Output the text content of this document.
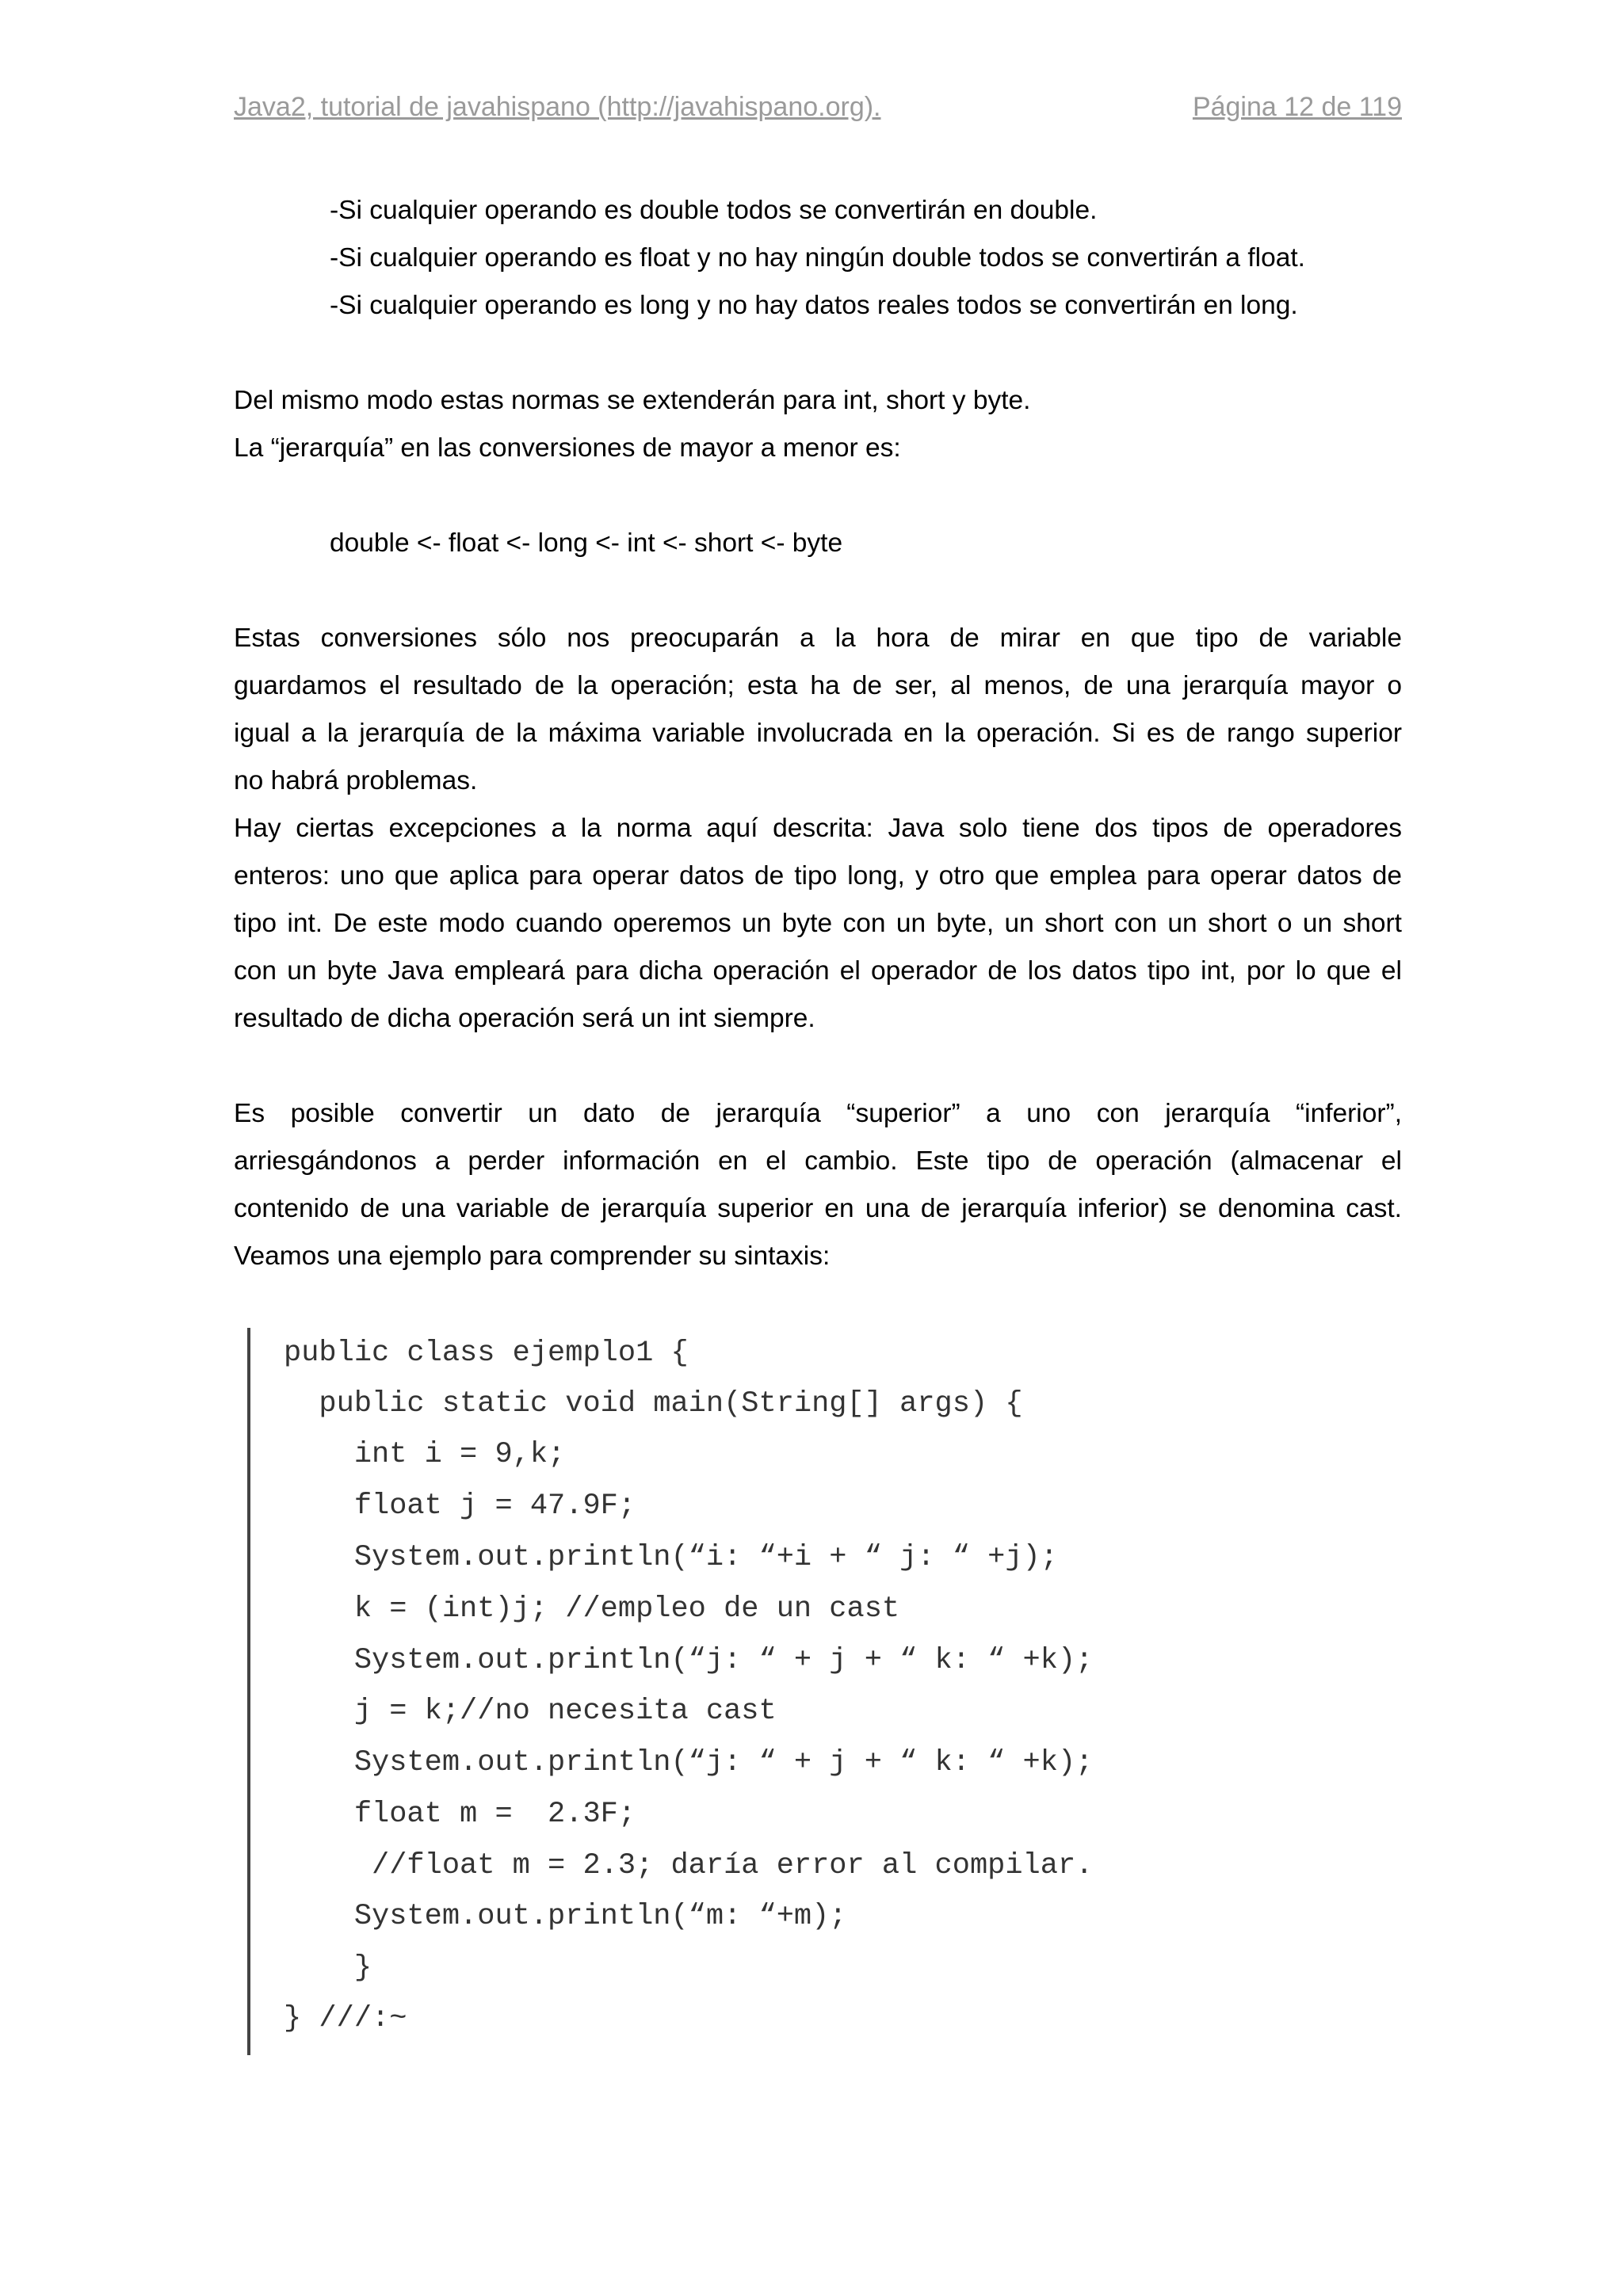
Java2, tutorial de javahispano (http://javahispano.org).	Página 12 de 119
-Si cualquier operando es double todos se convertirán en double.
-Si cualquier operando es float y no hay ningún double todos se convertirán a float.
-Si cualquier operando es long y no hay datos reales todos se convertirán en long.
Del mismo modo estas normas se extenderán para int, short y byte.
La “jerarquía” en las conversiones de mayor a menor es:
double <- float <- long <- int <- short <- byte
Estas conversiones sólo nos preocuparán a la hora de mirar en que tipo de variable
guardamos el resultado de la operación; esta ha de ser, al menos, de una jerarquía mayor o
igual a la jerarquía de la máxima variable involucrada en la operación. Si es de rango superior
no habrá problemas.
Hay ciertas excepciones a la norma aquí descrita: Java solo tiene dos tipos de operadores
enteros: uno que aplica para operar datos de tipo long, y otro que emplea para operar datos de
tipo int. De este modo cuando operemos un byte con un byte, un short con un short o un short
con un byte Java empleará para dicha operación el operador de los datos tipo int, por lo que el
resultado de dicha operación será un int siempre.
Es posible convertir un dato de jerarquía “superior” a uno con jerarquía “inferior”,
arriesgándonos a perder información en el cambio. Este tipo de operación (almacenar el
contenido de una variable de jerarquía superior en una de jerarquía inferior) se denomina cast.
Veamos una ejemplo para comprender su sintaxis:
public class ejemplo1 {
public static void main(String[] args) {
int i = 9,k;
float j = 47.9F;
System.out.println(“i: “+i + “ j: “ +j);
k = (int)j; //empleo de un cast
System.out.println(“j: “ + j + “ k: “ +k);
j = k;//no necesita cast
System.out.println(“j: “ + j + “ k: “ +k);
float m =  2.3F;
//float m = 2.3; daría error al compilar.
System.out.println(“m: “+m);
}
} ///:~
